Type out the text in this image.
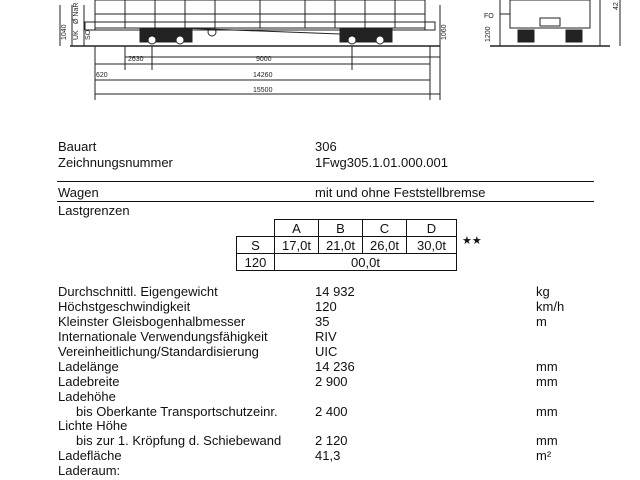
1040 ÜK
Ø NaR
SO	1060
FO
1200
42
2630	9000
620	14260
15500
Bauart	306
Zeichnungsnummer	1Fwg305.1.01.000.001
Wagen	mit und ohne Feststellbremse
Lastgrenzen
	A	B	C	D
S	17,0t	21,0t	26,0t	30,0t
120	00,0t			
★★
Durchschnittl. Eigengewicht	14 932	kg
Höchstgeschwindigkeit	120	km/h
Kleinster Gleisbogenhalbmesser	35	m
Internationale Verwendungsfähigkeit	RIV
Vereinheitlichung/Standardisierung	UIC
Ladelänge	14 236	mm
Ladebreite	2 900	mm
Ladehöhe
bis Oberkante Transportschutzeinr.	2 400	mm
Lichte Höhe
bis zur 1. Kröpfung d. Schiebewand	2 120	mm
Ladefläche	41,3	m²
Laderaum:
